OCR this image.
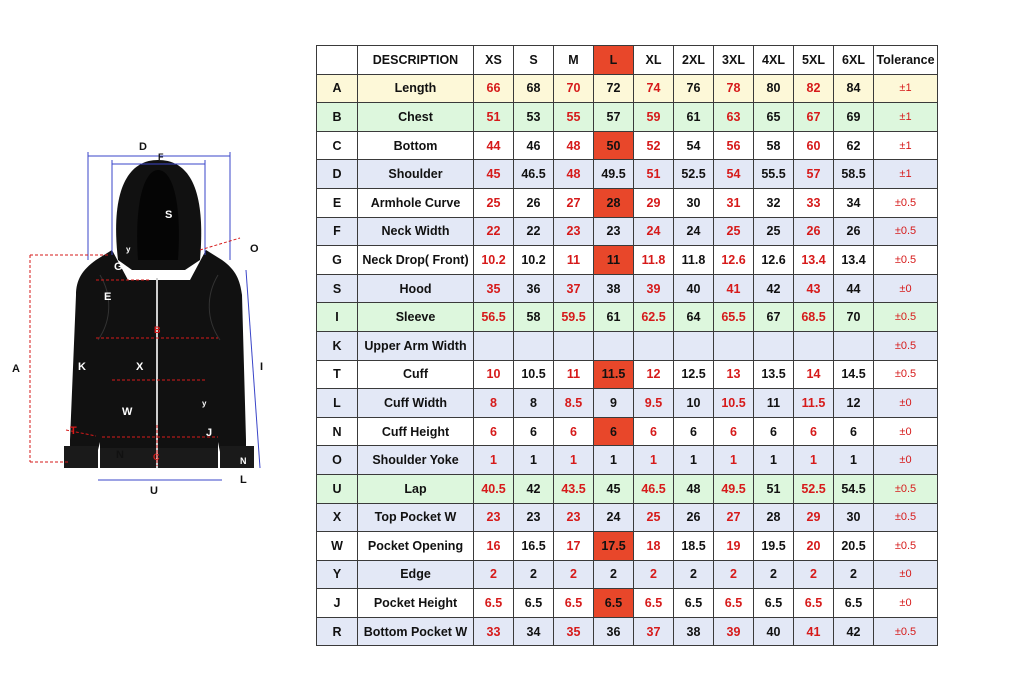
D
F
S
O
G
E
A
B
I
K	X
W
T	J
N	C
U
L
y
y
N
	DESCRIPTION	XS	S	M	L	XL	2XL	3XL	4XL	5XL	6XL	Tolerance
A	Length	66	68	70	72	74	76	78	80	82	84	±1
B	Chest	51	53	55	57	59	61	63	65	67	69	±1
C	Bottom	44	46	48	50	52	54	56	58	60	62	±1
D	Shoulder	45	46.5	48	49.5	51	52.5	54	55.5	57	58.5	±1
E	Armhole Curve	25	26	27	28	29	30	31	32	33	34	±0.5
F	Neck Width	22	22	23	23	24	24	25	25	26	26	±0.5
G	Neck Drop( Front)	10.2	10.2	11	11	11.8	11.8	12.6	12.6	13.4	13.4	±0.5
S	Hood	35	36	37	38	39	40	41	42	43	44	±0
I	Sleeve	56.5	58	59.5	61	62.5	64	65.5	67	68.5	70	±0.5
K	Upper Arm Width											±0.5
T	Cuff	10	10.5	11	11.5	12	12.5	13	13.5	14	14.5	±0.5
L	Cuff Width	8	8	8.5	9	9.5	10	10.5	11	11.5	12	±0
N	Cuff Height	6	6	6	6	6	6	6	6	6	6	±0
O	Shoulder Yoke	1	1	1	1	1	1	1	1	1	1	±0
U	Lap	40.5	42	43.5	45	46.5	48	49.5	51	52.5	54.5	±0.5
X	Top Pocket W	23	23	23	24	25	26	27	28	29	30	±0.5
W	Pocket Opening	16	16.5	17	17.5	18	18.5	19	19.5	20	20.5	±0.5
Y	Edge	2	2	2	2	2	2	2	2	2	2	±0
J	Pocket Height	6.5	6.5	6.5	6.5	6.5	6.5	6.5	6.5	6.5	6.5	±0
R	Bottom Pocket W	33	34	35	36	37	38	39	40	41	42	±0.5
